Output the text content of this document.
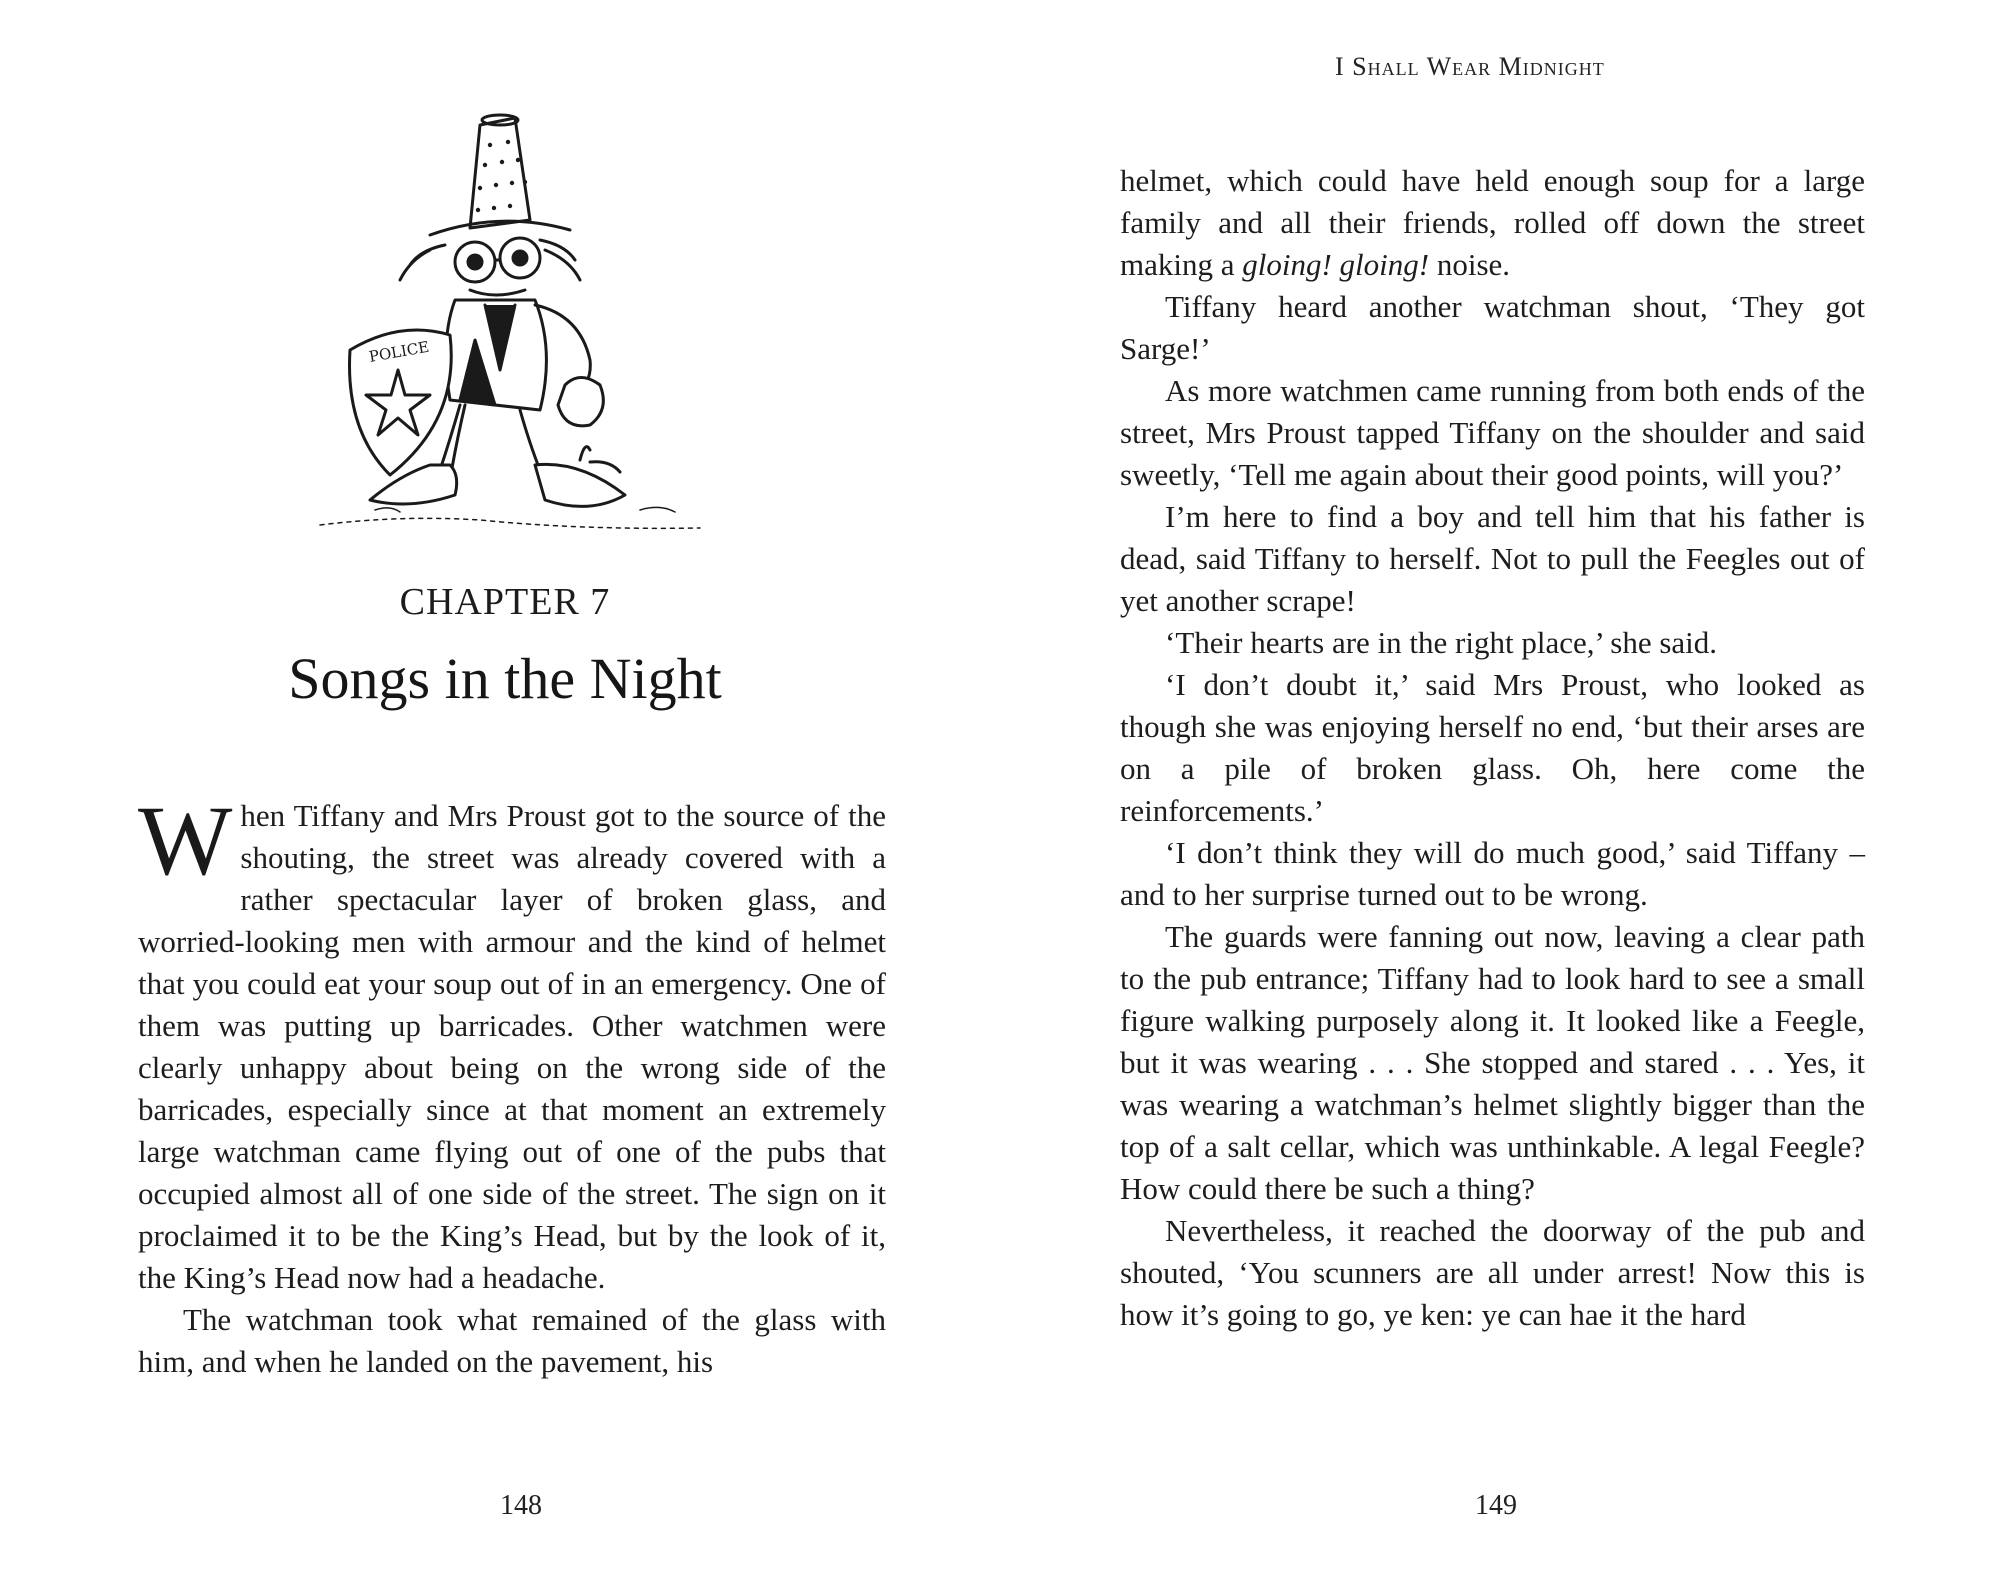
POLICE
CHAPTER 7
Songs in the Night

When Tiffany and Mrs Proust got to the source of the shouting, the street was already covered with a rather spectacular layer of broken glass, and worried-looking men with armour and the kind of helmet that you could eat your soup out of in an emergency. One of them was putting up barricades. Other watchmen were clearly unhappy about being on the wrong side of the barricades, especially since at that moment an extremely large watchman came flying out of one of the pubs that occupied almost all of one side of the street. The sign on it proclaimed it to be the King’s Head, but by the look of it, the King’s Head now had a headache.

The watchman took what remained of the glass with him, and when he landed on the pavement, his

148
I Shall Wear Midnight

helmet, which could have held enough soup for a large family and all their friends, rolled off down the street making a gloing! gloing! noise.

Tiffany heard another watchman shout, ‘They got Sarge!’

As more watchmen came running from both ends of the street, Mrs Proust tapped Tiffany on the shoulder and said sweetly, ‘Tell me again about their good points, will you?’

I’m here to find a boy and tell him that his father is dead, said Tiffany to herself. Not to pull the Feegles out of yet another scrape!

‘Their hearts are in the right place,’ she said.

‘I don’t doubt it,’ said Mrs Proust, who looked as though she was enjoying herself no end, ‘but their arses are on a pile of broken glass. Oh, here come the reinforcements.’

‘I don’t think they will do much good,’ said Tiffany – and to her surprise turned out to be wrong.

The guards were fanning out now, leaving a clear path to the pub entrance; Tiffany had to look hard to see a small figure walking purposely along it. It looked like a Feegle, but it was wearing . . . She stopped and stared . . . Yes, it was wearing a watchman’s helmet slightly bigger than the top of a salt cellar, which was unthinkable. A legal Feegle? How could there be such a thing?

Nevertheless, it reached the doorway of the pub and shouted, ‘You scunners are all under arrest! Now this is how it’s going to go, ye ken: ye can hae it the hard

149
